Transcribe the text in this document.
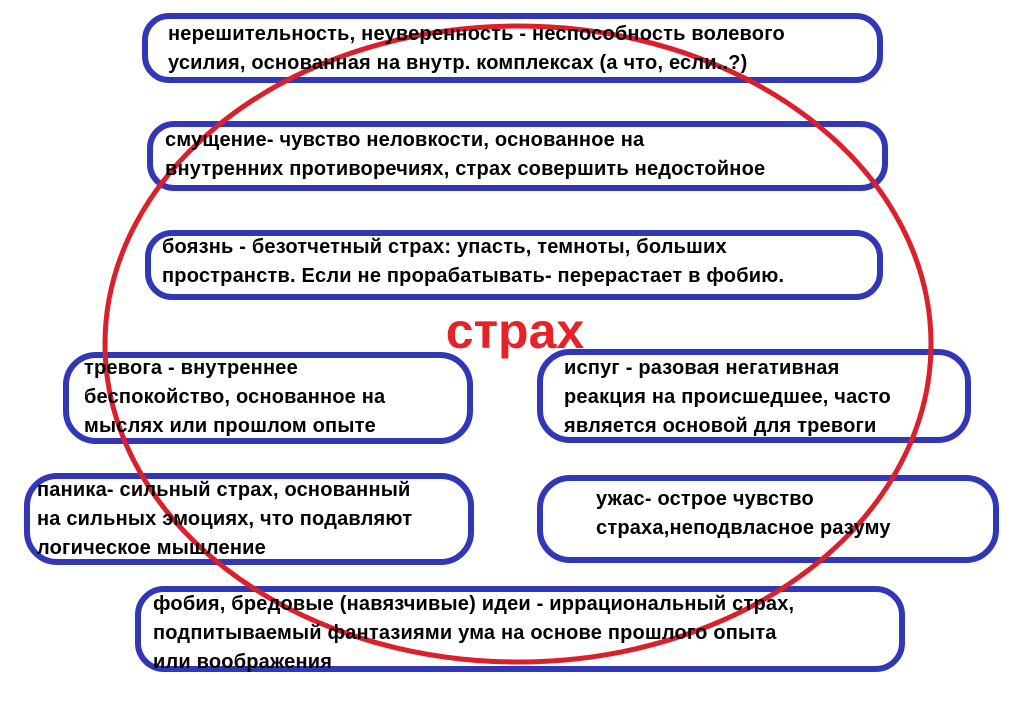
нерешительность, неуверенность - неспособность волевого
усилия, основанная на внутр. комплексах (а что, если..?)
смущение- чувство неловкости, основанное на
внутренних противоречиях, страх совершить недостойное
боязнь - безотчетный страх: упасть, темноты, больших
пространств. Если не прорабатывать- перерастает в фобию.
страх
тревога - внутреннее
беспокойство, основанное на
мыслях или прошлом опыте
испуг - разовая негативная
реакция на происшедшее, часто
является основой для тревоги
паника- сильный страх, основанный
на сильных эмоциях, что подавляют
логическое мышление
ужас- острое чувство
страха,неподвласное разуму
фобия, бредовые (навязчивые) идеи - иррациональный страх,
подпитываемый фантазиями ума на основе прошлого опыта
или воображения
